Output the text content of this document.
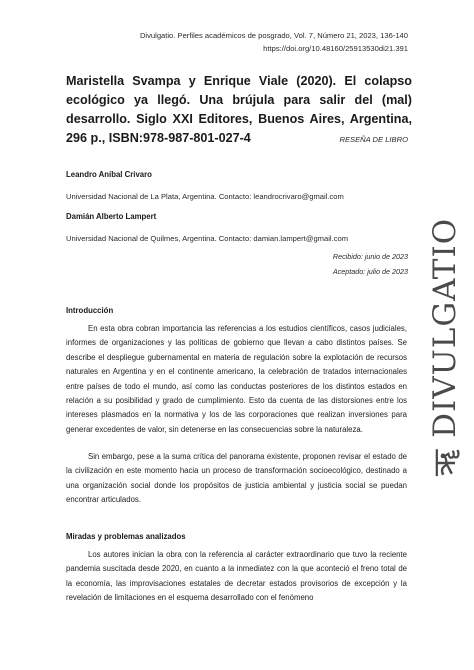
Divulgatio. Perfiles académicos de posgrado, Vol. 7, Número 21, 2023, 136-140
https://doi.org/10.48160/25913530di21.391
Maristella Svampa y Enrique Viale (2020). El colapso ecológico ya llegó. Una brújula para salir del (mal) desarrollo. Siglo XXI Editores, Buenos Aires, Argentina, 296 p., ISBN:978-987-801-027-4	RESEÑA DE LIBRO
Leandro Aníbal Crivaro
Universidad Nacional de La Plata, Argentina. Contacto: leandrocrivaro@gmail.com
Damián Alberto Lampert
Universidad Nacional de Quilmes, Argentina. Contacto: damian.lampert@gmail.com
Recibido: junio de 2023
Aceptado: julio de 2023
Introducción
En esta obra cobran importancia las referencias a los estudios científicos, casos judiciales, informes de organizaciones y las políticas de gobierno que llevan a cabo distintos países. Se describe el despliegue gubernamental en materia de regulación sobre la explotación de recursos naturales en Argentina y en el continente americano, la celebración de tratados internacionales entre países de todo el mundo, así como las conductas posteriores de los distintos estados en relación a su posibilidad y grado de cumplimiento. Esto da cuenta de las distorsiones entre los intereses plasmados en la normativa y los de las corporaciones que realizan inversiones para generar excedentes de valor, sin detenerse en las consecuencias sobre la naturaleza.
Sin embargo, pese a la suma crítica del panorama existente, proponen revisar el estado de la civilización en este momento hacia un proceso de transformación socioecológico, destinado a una organización social donde los propósitos de justicia ambiental y justicia social se puedan encontrar articulados.
Miradas y problemas analizados
Los autores inician la obra con la referencia al carácter extraordinario que tuvo la reciente pandemia suscitada desde 2020, en cuanto a la inmediatez con la que aconteció el freno total de la economía, las improvisaciones estatales de decretar estados provisorios de excepción y la revelación de limitaciones en el esquema desarrollado con el fenómeno
ॠ DIVULGATIO
